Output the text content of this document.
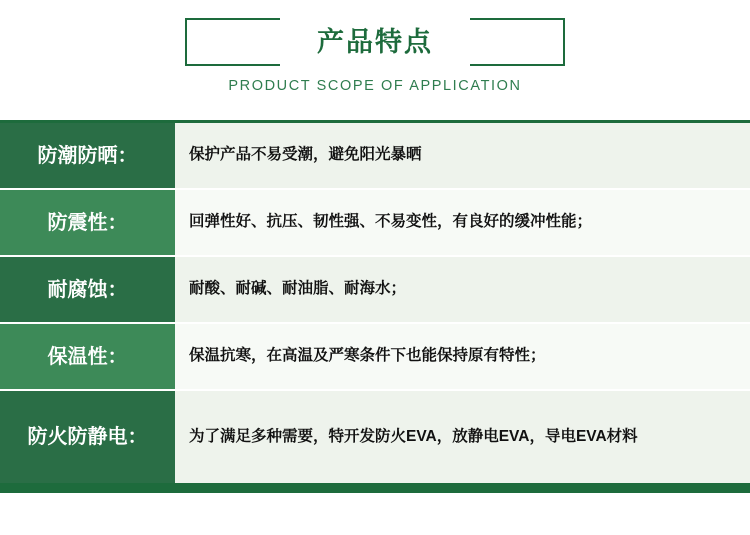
产品特点
PRODUCT SCOPE OF APPLICATION
防潮防晒：	保护产品不易受潮，避免阳光暴晒
防震性：	回弹性好、抗压、韧性强、不易变性，有良好的缓冲性能；
耐腐蚀：	耐酸、耐碱、耐油脂、耐海水；
保温性：	保温抗寒，在高温及严寒条件下也能保持原有特性；
防火防静电：	为了满足多种需要，特开发防火EVA，放静电EVA，导电EVA材料
